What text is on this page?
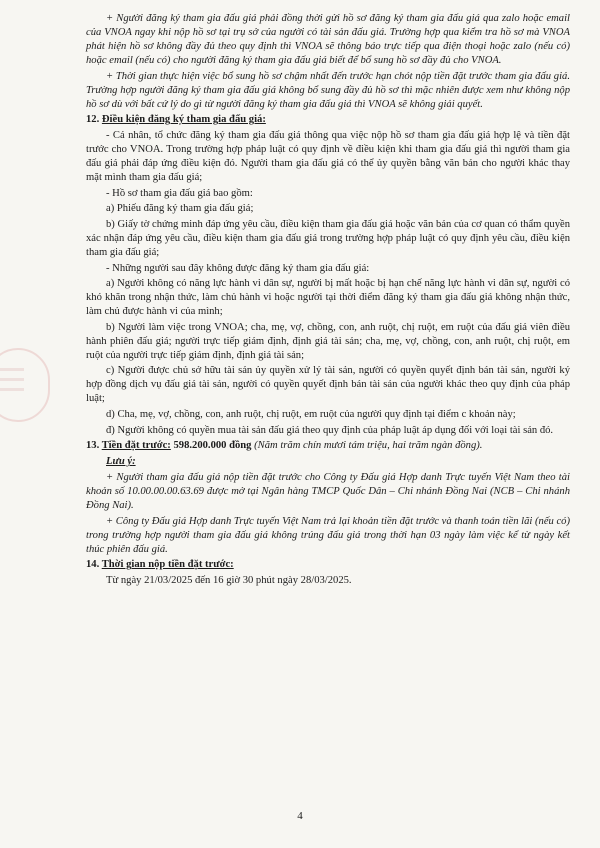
+ Người đăng ký tham gia đấu giá phải đồng thời gửi hồ sơ đăng ký tham gia đấu giá qua zalo hoặc email của VNOA ngay khi nộp hồ sơ tại trụ sở của người có tài sản đấu giá. Trường hợp qua kiểm tra hồ sơ mà VNOA phát hiện hồ sơ không đầy đủ theo quy định thì VNOA sẽ thông báo trực tiếp qua điện thoại hoặc zalo (nếu có) hoặc email (nếu có) cho người đăng ký tham gia đấu giá biết để bổ sung hồ sơ đầy đủ cho VNOA.

+ Thời gian thực hiện việc bổ sung hồ sơ chậm nhất đến trước hạn chót nộp tiền đặt trước tham gia đấu giá. Trường hợp người đăng ký tham gia đấu giá không bổ sung đầy đủ hồ sơ thì mặc nhiên được xem như không nộp hồ sơ dù với bất cứ lý do gì từ người đăng ký tham gia đấu giá thì VNOA sẽ không giải quyết.

12. Điều kiện đăng ký tham gia đấu giá:

- Cá nhân, tổ chức đăng ký tham gia đấu giá thông qua việc nộp hồ sơ tham gia đấu giá hợp lệ và tiền đặt trước cho VNOA. Trong trường hợp pháp luật có quy định về điều kiện khi tham gia đấu giá thì người tham gia đấu giá phải đáp ứng điều kiện đó. Người tham gia đấu giá có thể ủy quyền bằng văn bản cho người khác thay mặt mình tham gia đấu giá;

- Hồ sơ tham gia đấu giá bao gồm:

a) Phiếu đăng ký tham gia đấu giá;

b) Giấy tờ chứng minh đáp ứng yêu cầu, điều kiện tham gia đấu giá hoặc văn bản của cơ quan có thẩm quyền xác nhận đáp ứng yêu cầu, điều kiện tham gia đấu giá trong trường hợp pháp luật có quy định yêu cầu, điều kiện tham gia đấu giá;

- Những người sau đây không được đăng ký tham gia đấu giá:

a) Người không có năng lực hành vi dân sự, người bị mất hoặc bị hạn chế năng lực hành vi dân sự, người có khó khăn trong nhận thức, làm chủ hành vi hoặc người tại thời điểm đăng ký tham gia đấu giá không nhận thức, làm chủ được hành vi của mình;

b) Người làm việc trong VNOA; cha, mẹ, vợ, chồng, con, anh ruột, chị ruột, em ruột của đấu giá viên điều hành phiên đấu giá; người trực tiếp giám định, định giá tài sản; cha, mẹ, vợ, chồng, con, anh ruột, chị ruột, em ruột của người trực tiếp giám định, định giá tài sản;

c) Người được chủ sở hữu tài sản ủy quyền xử lý tài sản, người có quyền quyết định bán tài sản, người ký hợp đồng dịch vụ đấu giá tài sản, người có quyền quyết định bán tài sản của người khác theo quy định của pháp luật;

d) Cha, mẹ, vợ, chồng, con, anh ruột, chị ruột, em ruột của người quy định tại điểm c khoản này;

đ) Người không có quyền mua tài sản đấu giá theo quy định của pháp luật áp dụng đối với loại tài sản đó.

13. Tiền đặt trước: 598.200.000 đồng (Năm trăm chín mươi tám triệu, hai trăm ngàn đồng).
Lưu ý:

+ Người tham gia đấu giá nộp tiền đặt trước cho Công ty Đấu giá Hợp danh Trực tuyến Việt Nam theo tài khoản số 10.00.00.00.63.69 được mở tại Ngân hàng TMCP Quốc Dân – Chi nhánh Đồng Nai (NCB – Chi nhánh Đồng Nai).

+ Công ty Đấu giá Hợp danh Trực tuyến Việt Nam trả lại khoản tiền đặt trước và thanh toán tiền lãi (nếu có) trong trường hợp người tham gia đấu giá không trúng đấu giá trong thời hạn 03 ngày làm việc kể từ ngày kết thúc phiên đấu giá.

14. Thời gian nộp tiền đặt trước:

Từ ngày 21/03/2025 đến 16 giờ 30 phút ngày 28/03/2025.

4
